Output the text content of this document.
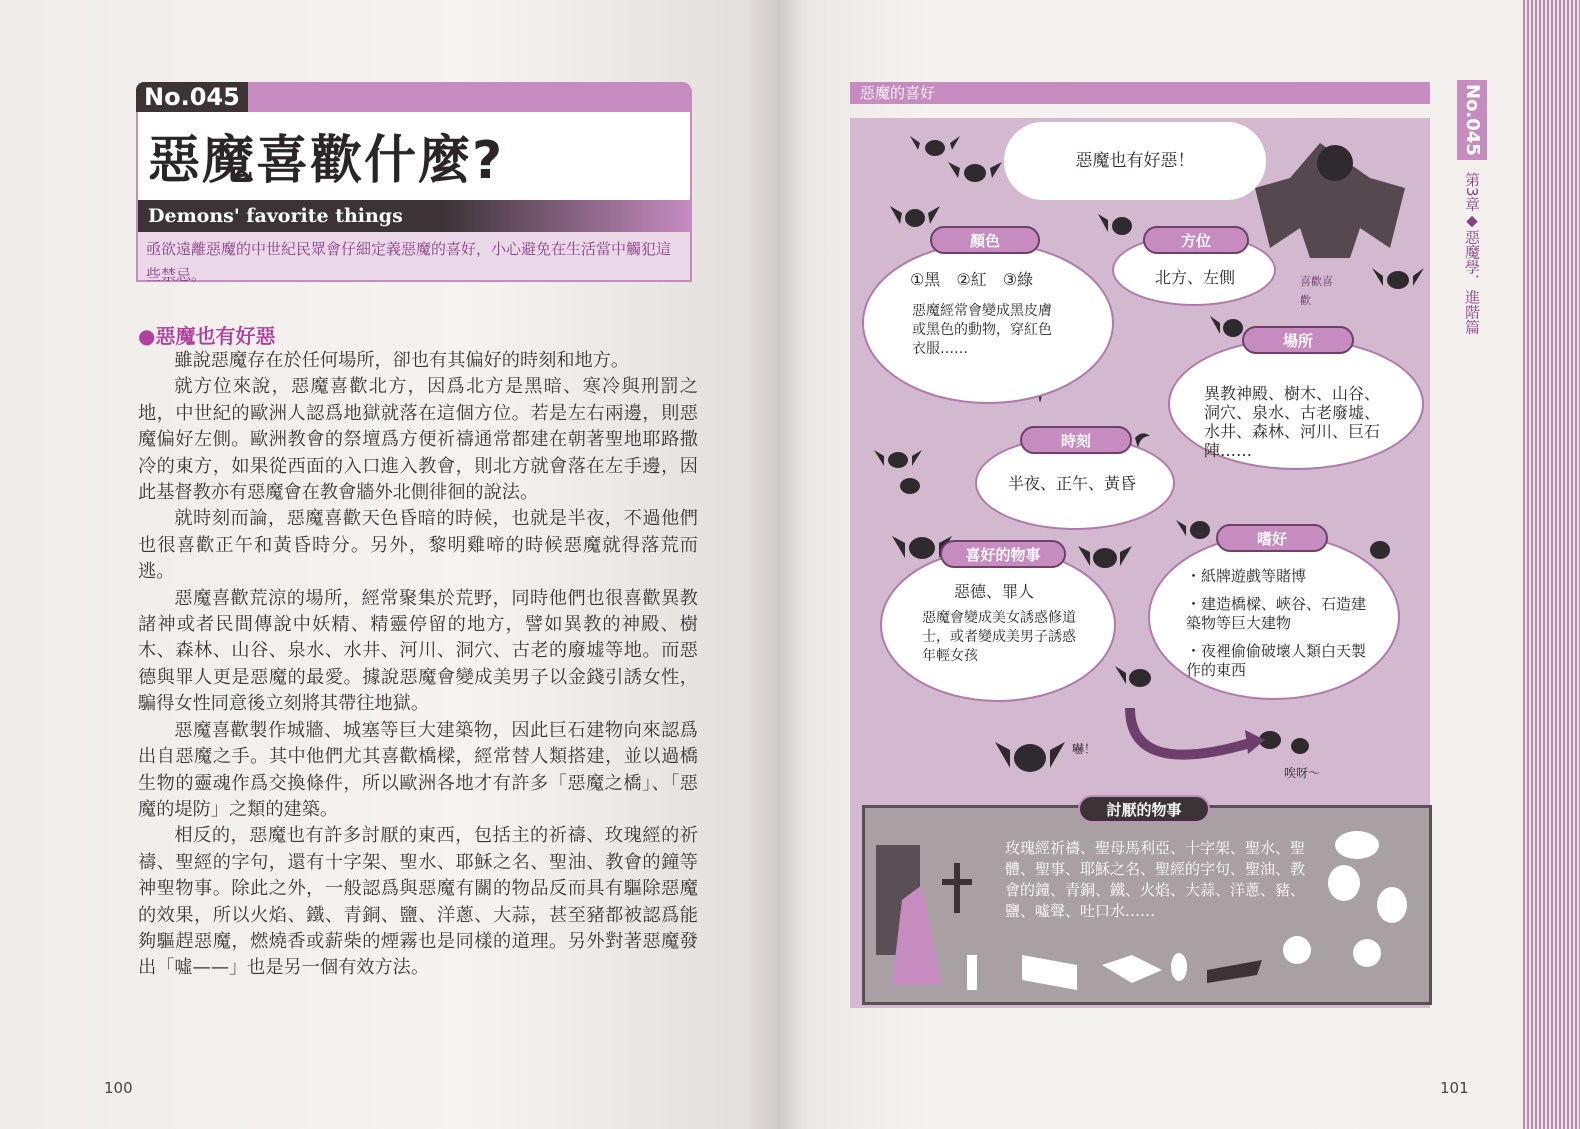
No.045
惡魔喜歡什麼?
Demons' favorite things
亟欲遠離惡魔的中世紀民眾會仔細定義惡魔的喜好，小心避免在生活當中觸犯這些禁忌。
●惡魔也有好惡

雖說惡魔存在於任何場所，卻也有其偏好的時刻和地方。

就方位來說，惡魔喜歡北方，因爲北方是黑暗、寒冷與刑罰之地，中世紀的歐洲人認爲地獄就落在這個方位。若是左右兩邊，則惡魔偏好左側。歐洲教會的祭壇爲方便祈禱通常都建在朝著聖地耶路撒冷的東方，如果從西面的入口進入教會，則北方就會落在左手邊，因此基督教亦有惡魔會在教會牆外北側徘徊的說法。

就時刻而論，惡魔喜歡天色昏暗的時候，也就是半夜，不過他們也很喜歡正午和黃昏時分。另外，黎明雞啼的時候惡魔就得落荒而逃。

惡魔喜歡荒涼的場所，經常聚集於荒野，同時他們也很喜歡異教諸神或者民間傳說中妖精、精靈停留的地方，譬如異教的神殿、樹木、森林、山谷、泉水、水井、河川、洞穴、古老的廢墟等地。而惡德與罪人更是惡魔的最愛。據說惡魔會變成美男子以金錢引誘女性，騙得女性同意後立刻將其帶往地獄。

惡魔喜歡製作城牆、城塞等巨大建築物，因此巨石建物向來認爲出自惡魔之手。其中他們尤其喜歡橋樑，經常替人類搭建，並以過橋生物的靈魂作爲交換條件，所以歐洲各地才有許多「惡魔之橋」、「惡魔的堤防」之類的建築。

相反的，惡魔也有許多討厭的東西，包括主的祈禱、玫瑰經的祈禱、聖經的字句，還有十字架、聖水、耶穌之名、聖油、教會的鐘等神聖物事。除此之外，一般認爲與惡魔有關的物品反而具有驅除惡魔的效果，所以火焰、鐵、青銅、鹽、洋蔥、大蒜，甚至豬都被認爲能夠驅趕惡魔，燃燒香或薪柴的煙霧也是同樣的道理。另外對著惡魔發出「噓——」也是另一個有效方法。

100
惡魔的喜好	No.045
第3章◆惡魔學．進階篇
惡魔也有好惡！
顏色
①黑　②紅　③綠
惡魔經常會變成黑皮膚或黑色的動物，穿紅色衣服……
方位
北方、左側	喜歡喜歡
場所
異教神殿、樹木、山谷、洞穴、泉水、古老廢墟、水井、森林、河川、巨石陣……
時刻
半夜、正午、黃昏
喜好的物事
惡德、罪人
惡魔會變成美女誘惑修道士，或者變成美男子誘惑年輕女孩
嗜好
・紙牌遊戲等賭博
・建造橋樑、峽谷、石造建築物等巨大建物
・夜裡偷偷破壞人類白天製作的東西
嚇！
唉呀～
討厭的物事
玫瑰經祈禱、聖母馬利亞、十字架、聖水、聖體、聖事、耶穌之名、聖經的字句、聖油、教會的鐘、青銅、鐵、火焰、大蒜、洋蔥、豬、鹽、噓聲、吐口水……
101
